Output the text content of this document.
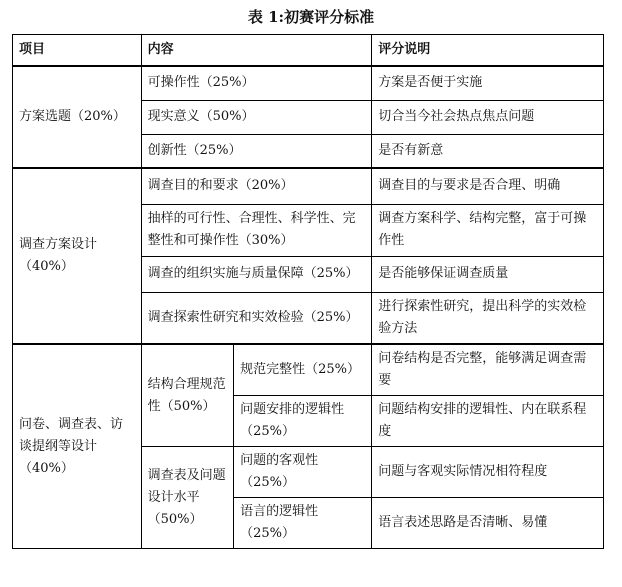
表 1:初赛评分标准
项目	内容		评分说明
方案选题（20%）	可操作性（25%）		方案是否便于实施
	现实意义（50%）		切合当今社会热点焦点问题
	创新性（25%）		是否有新意
调查方案设计（40%）	调查目的和要求（20%）		调查目的与要求是否合理、明确
	抽样的可行性、合理性、科学性、完整性和可操作性（30%）		调查方案科学、结构完整，富于可操作性
	调查的组织实施与质量保障（25%）		是否能够保证调查质量
	调查探索性研究和实效检验（25%）		进行探索性研究，提出科学的实效检验方法
问卷、调查表、访谈提纲等设计（40%）	结构合理规范性（50%）	规范完整性（25%）	问卷结构是否完整，能够满足调查需要
		问题安排的逻辑性（25%）	问题结构安排的逻辑性、内在联系程度
	调查表及问题设计水平（50%）	问题的客观性（25%）	问题与客观实际情况相符程度
		语言的逻辑性（25%）	语言表述思路是否清晰、易懂
